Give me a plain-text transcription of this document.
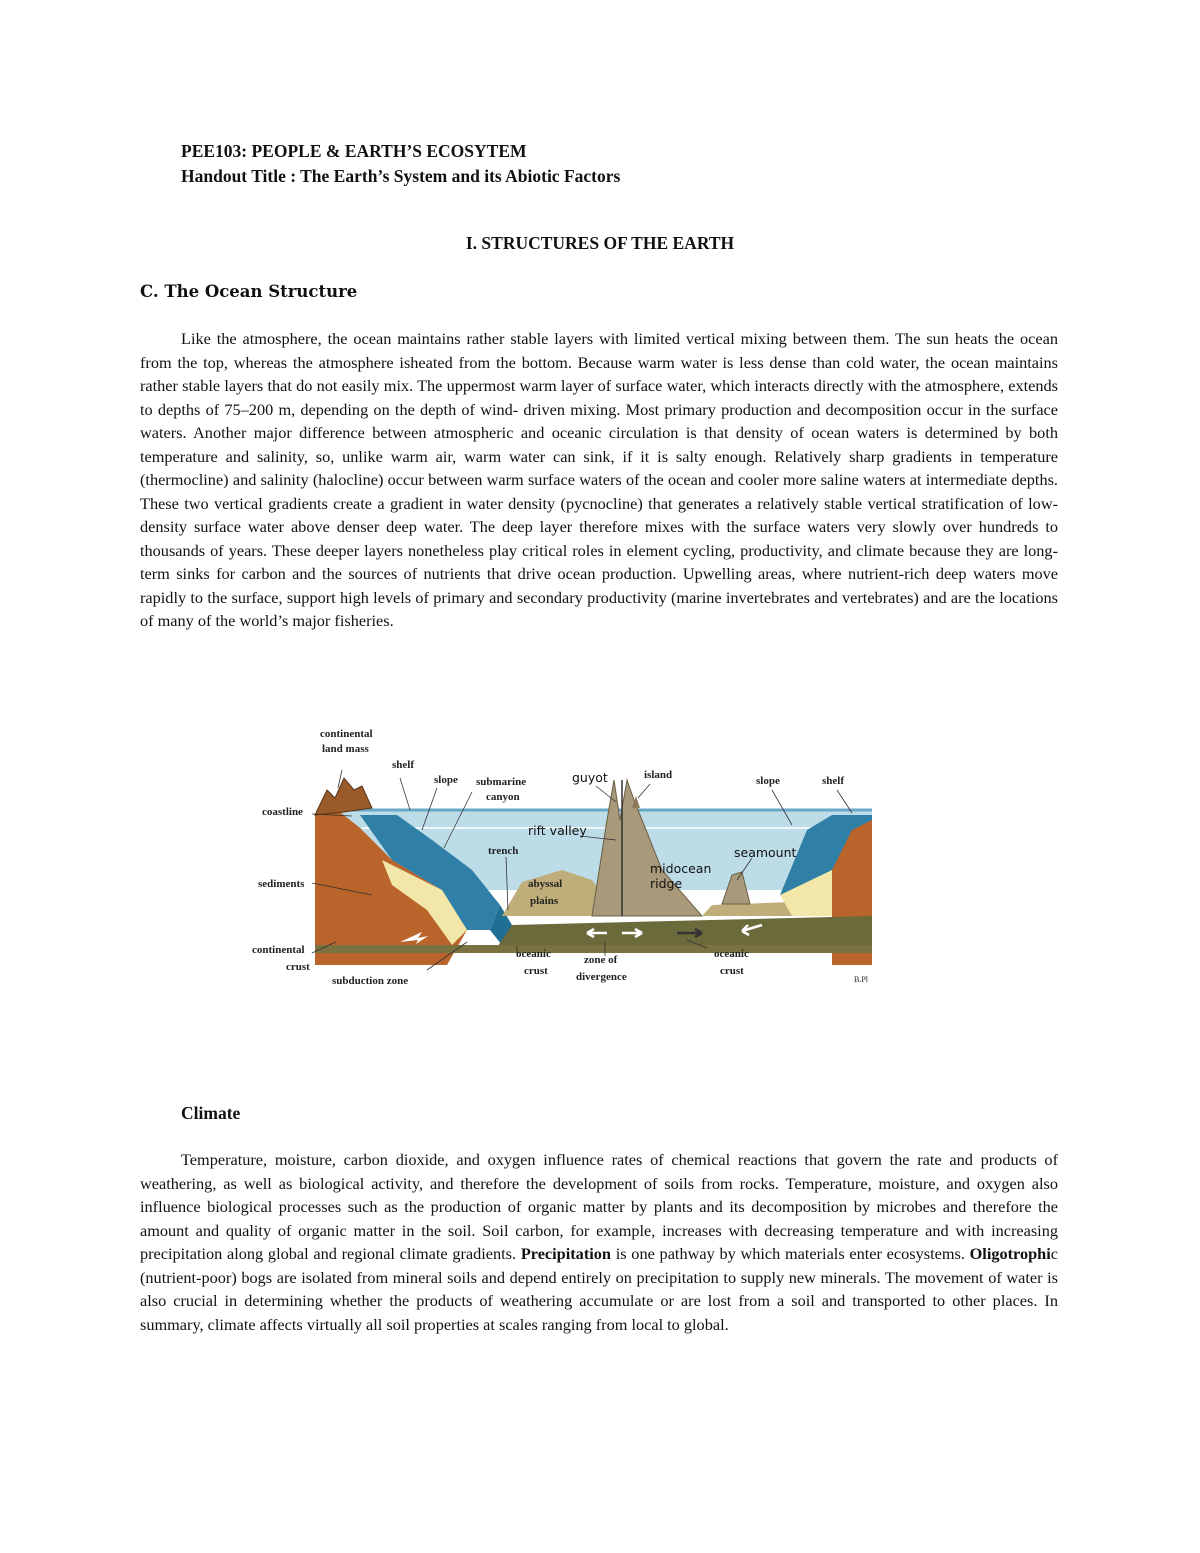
PEE103: PEOPLE & EARTH’S ECOSYTEM
Handout Title : The Earth’s System and its Abiotic Factors
I. STRUCTURES OF THE EARTH
C. The Ocean Structure

Like the atmosphere, the ocean maintains rather stable layers with limited vertical mixing between them. The sun heats the ocean from the top, whereas the atmosphere isheated from the bottom. Because warm water is less dense than cold water, the ocean maintains rather stable layers that do not easily mix. The uppermost warm layer of surface water, which interacts directly with the atmosphere, extends to depths of 75–200 m, depending on the depth of wind- driven mixing. Most primary production and decomposition occur in the surface waters. Another major difference between atmospheric and oceanic circulation is that density of ocean waters is determined by both temperature and salinity, so, unlike warm air, warm water can sink, if it is salty enough. Relatively sharp gradients in temperature (thermocline) and salinity (halocline) occur between warm surface waters of the ocean and cooler more saline waters at intermediate depths. These two vertical gradients create a gradient in water density (pycnocline) that generates a relatively stable vertical stratification of low-density surface water above denser deep water. The deep layer therefore mixes with the surface waters very slowly over hundreds to thousands of years. These deeper layers nonetheless play critical roles in element cycling, productivity, and climate because they are long- term sinks for carbon and the sources of nutrients that drive ocean production. Upwelling areas, where nutrient-rich deep waters move rapidly to the surface, support high levels of primary and secondary productivity (marine invertebrates and vertebrates) and are the locations of many of the world’s major fisheries.

continental
land mass
shelf
slope submarine
canyon
guyot	island	slope	shelf
coastline
rift valley
trench	seamount
midocean
ridge
abyssal
plains
sediments
continental
crust
oceanic
crust
zone of
divergence
oceanic
crust
subduction zone	B.Pl
Climate

Temperature, moisture, carbon dioxide, and oxygen influence rates of chemical reactions that govern the rate and products of weathering, as well as biological activity, and therefore the development of soils from rocks. Temperature, moisture, and oxygen also influence biological processes such as the production of organic matter by plants and its decomposition by microbes and therefore the amount and quality of organic matter in the soil. Soil carbon, for example, increases with decreasing temperature and with increasing precipitation along global and regional climate gradients. Precipitation is one pathway by which materials enter ecosystems. Oligotrophic (nutrient-poor) bogs are isolated from mineral soils and depend entirely on precipitation to supply new minerals. The movement of water is also crucial in determining whether the products of weathering accumulate or are lost from a soil and transported to other places. In summary, climate affects virtually all soil properties at scales ranging from local to global.
